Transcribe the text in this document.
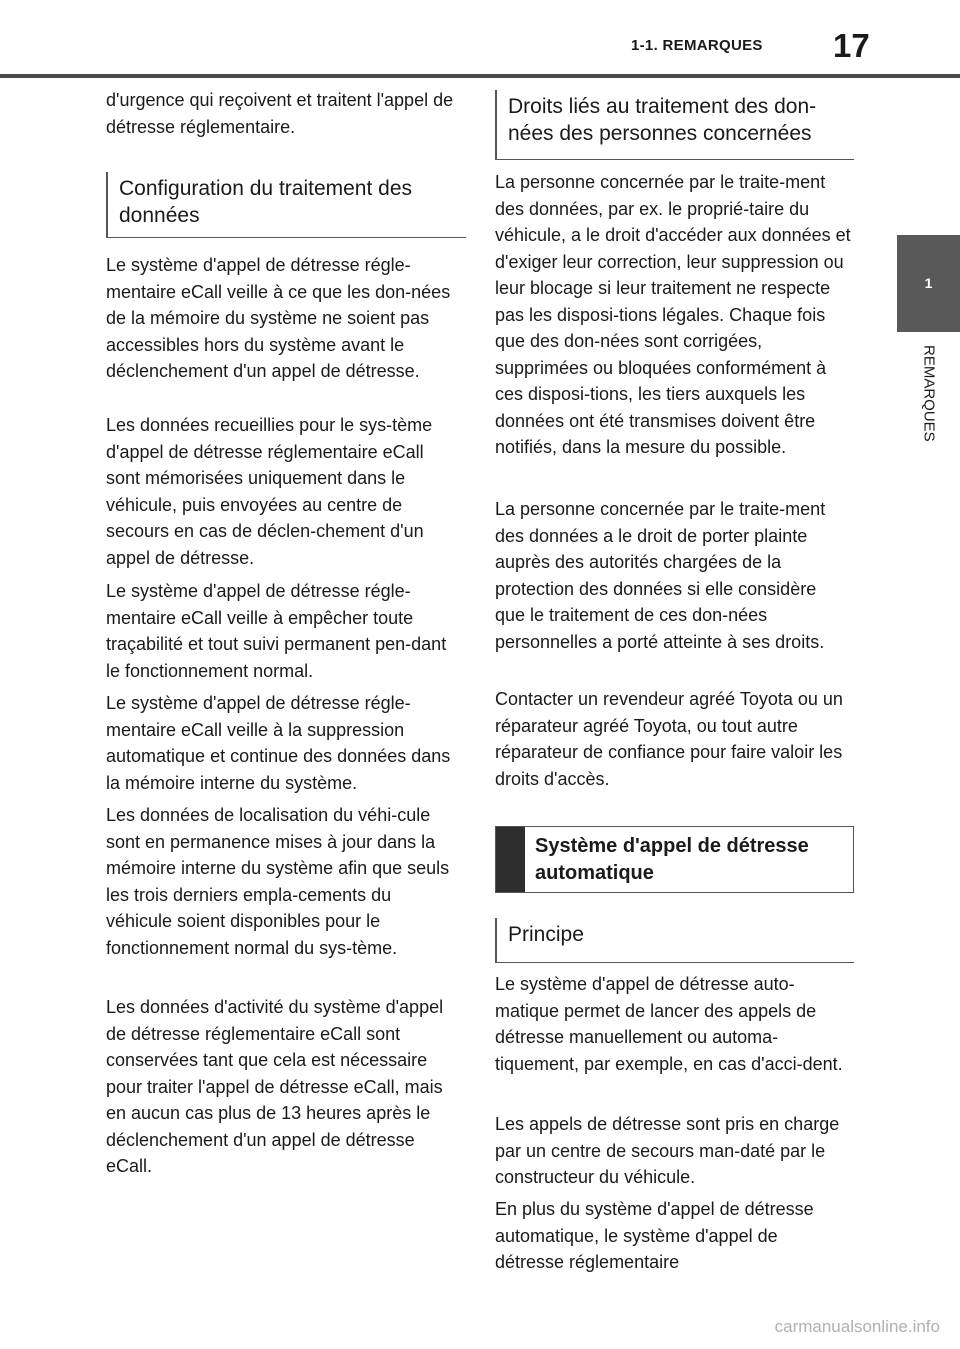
1-1. REMARQUES 17
1
REMARQUES

d'urgence qui reçoivent et traitent l'appel de détresse réglementaire.

Configuration du traitement des données

Le système d'appel de détresse régle-mentaire eCall veille à ce que les don-nées de la mémoire du système ne soient pas accessibles hors du système avant le déclenchement d'un appel de détresse.

Les données recueillies pour le sys-tème d'appel de détresse réglementaire eCall sont mémorisées uniquement dans le véhicule, puis envoyées au centre de secours en cas de déclen-chement d'un appel de détresse.

Le système d'appel de détresse régle-mentaire eCall veille à empêcher toute traçabilité et tout suivi permanent pen-dant le fonctionnement normal.

Le système d'appel de détresse régle-mentaire eCall veille à la suppression automatique et continue des données dans la mémoire interne du système.

Les données de localisation du véhi-cule sont en permanence mises à jour dans la mémoire interne du système afin que seuls les trois derniers empla-cements du véhicule soient disponibles pour le fonctionnement normal du sys-tème.

Les données d'activité du système d'appel de détresse réglementaire eCall sont conservées tant que cela est nécessaire pour traiter l'appel de détresse eCall, mais en aucun cas plus de 13 heures après le déclenchement d'un appel de détresse eCall.

Droits liés au traitement des don-nées des personnes concernées

La personne concernée par le traite-ment des données, par ex. le proprié-taire du véhicule, a le droit d'accéder aux données et d'exiger leur correction, leur suppression ou leur blocage si leur traitement ne respecte pas les disposi-tions légales. Chaque fois que des don-nées sont corrigées, supprimées ou bloquées conformément à ces disposi-tions, les tiers auxquels les données ont été transmises doivent être notifiés, dans la mesure du possible.

La personne concernée par le traite-ment des données a le droit de porter plainte auprès des autorités chargées de la protection des données si elle considère que le traitement de ces don-nées personnelles a porté atteinte à ses droits.

Contacter un revendeur agréé Toyota ou un réparateur agréé Toyota, ou tout autre réparateur de confiance pour faire valoir les droits d'accès.

Système d'appel de détresse automatique
Principe

Le système d'appel de détresse auto-matique permet de lancer des appels de détresse manuellement ou automa-tiquement, par exemple, en cas d'acci-dent.

Les appels de détresse sont pris en charge par un centre de secours man-daté par le constructeur du véhicule.

En plus du système d'appel de détresse automatique, le système d'appel de détresse réglementaire

carmanualsonline.info
